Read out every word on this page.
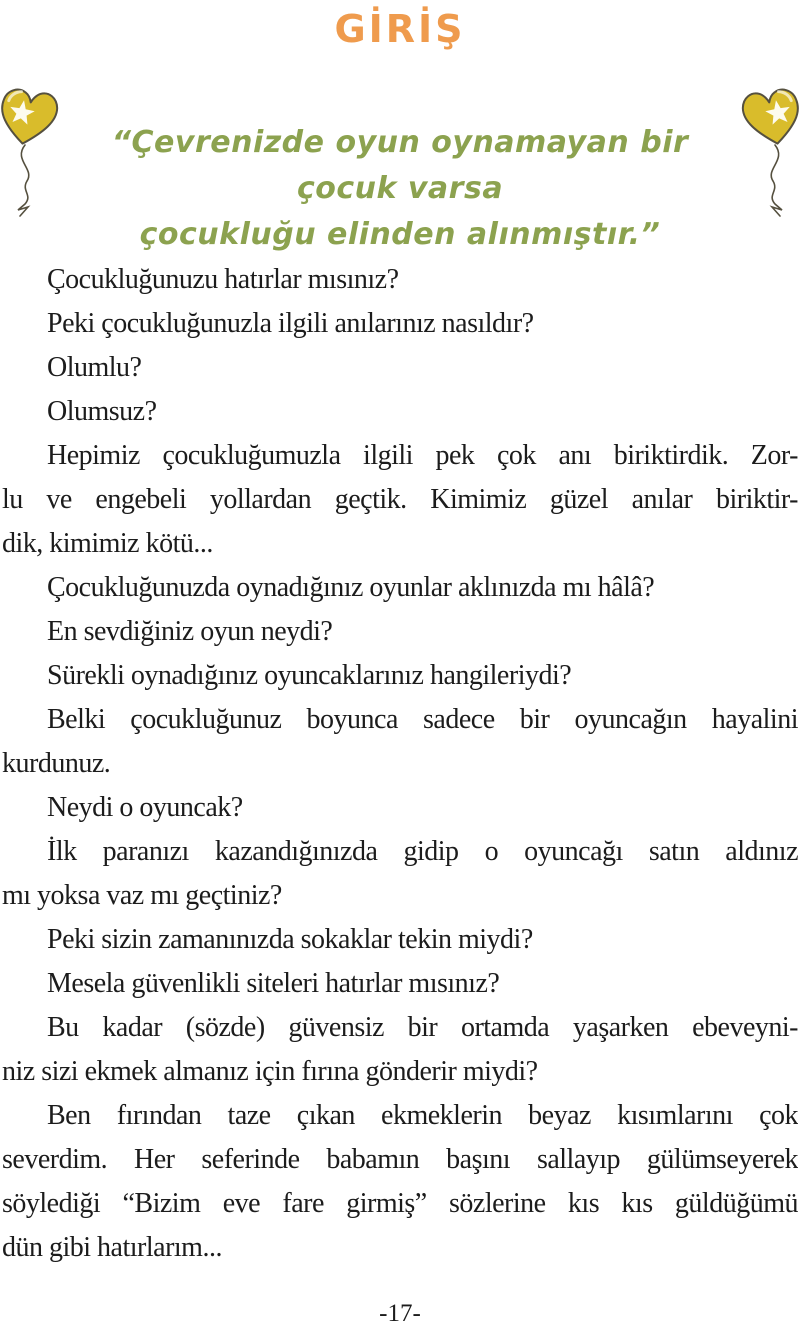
GİRİŞ
“Çevrenizde oyun oynamayan bir çocuk varsa
çocukluğu elinden alınmıştır.”
Çocukluğunuzu hatırlar mısınız?
Peki çocukluğunuzla ilgili anılarınız nasıldır?
Olumlu?
Olumsuz?
Hepimiz çocukluğumuzla ilgili pek çok anı biriktirdik. Zor-
lu ve engebeli yollardan geçtik. Kimimiz güzel anılar biriktir-
dik, kimimiz kötü...
Çocukluğunuzda oynadığınız oyunlar aklınızda mı hâlâ?
En sevdiğiniz oyun neydi?
Sürekli oynadığınız oyuncaklarınız hangileriydi?
Belki çocukluğunuz boyunca sadece bir oyuncağın hayalini
kurdunuz.
Neydi o oyuncak?
İlk paranızı kazandığınızda gidip o oyuncağı satın aldınız
mı yoksa vaz mı geçtiniz?
Peki sizin zamanınızda sokaklar tekin miydi?
Mesela güvenlikli siteleri hatırlar mısınız?
Bu kadar (sözde) güvensiz bir ortamda yaşarken ebeveyni-
niz sizi ekmek almanız için fırına gönderir miydi?
Ben fırından taze çıkan ekmeklerin beyaz kısımlarını çok
severdim. Her seferinde babamın başını sallayıp gülümseyerek
söylediği “Bizim eve fare girmiş” sözlerine kıs kıs güldüğümü
dün gibi hatırlarım...
-17-
